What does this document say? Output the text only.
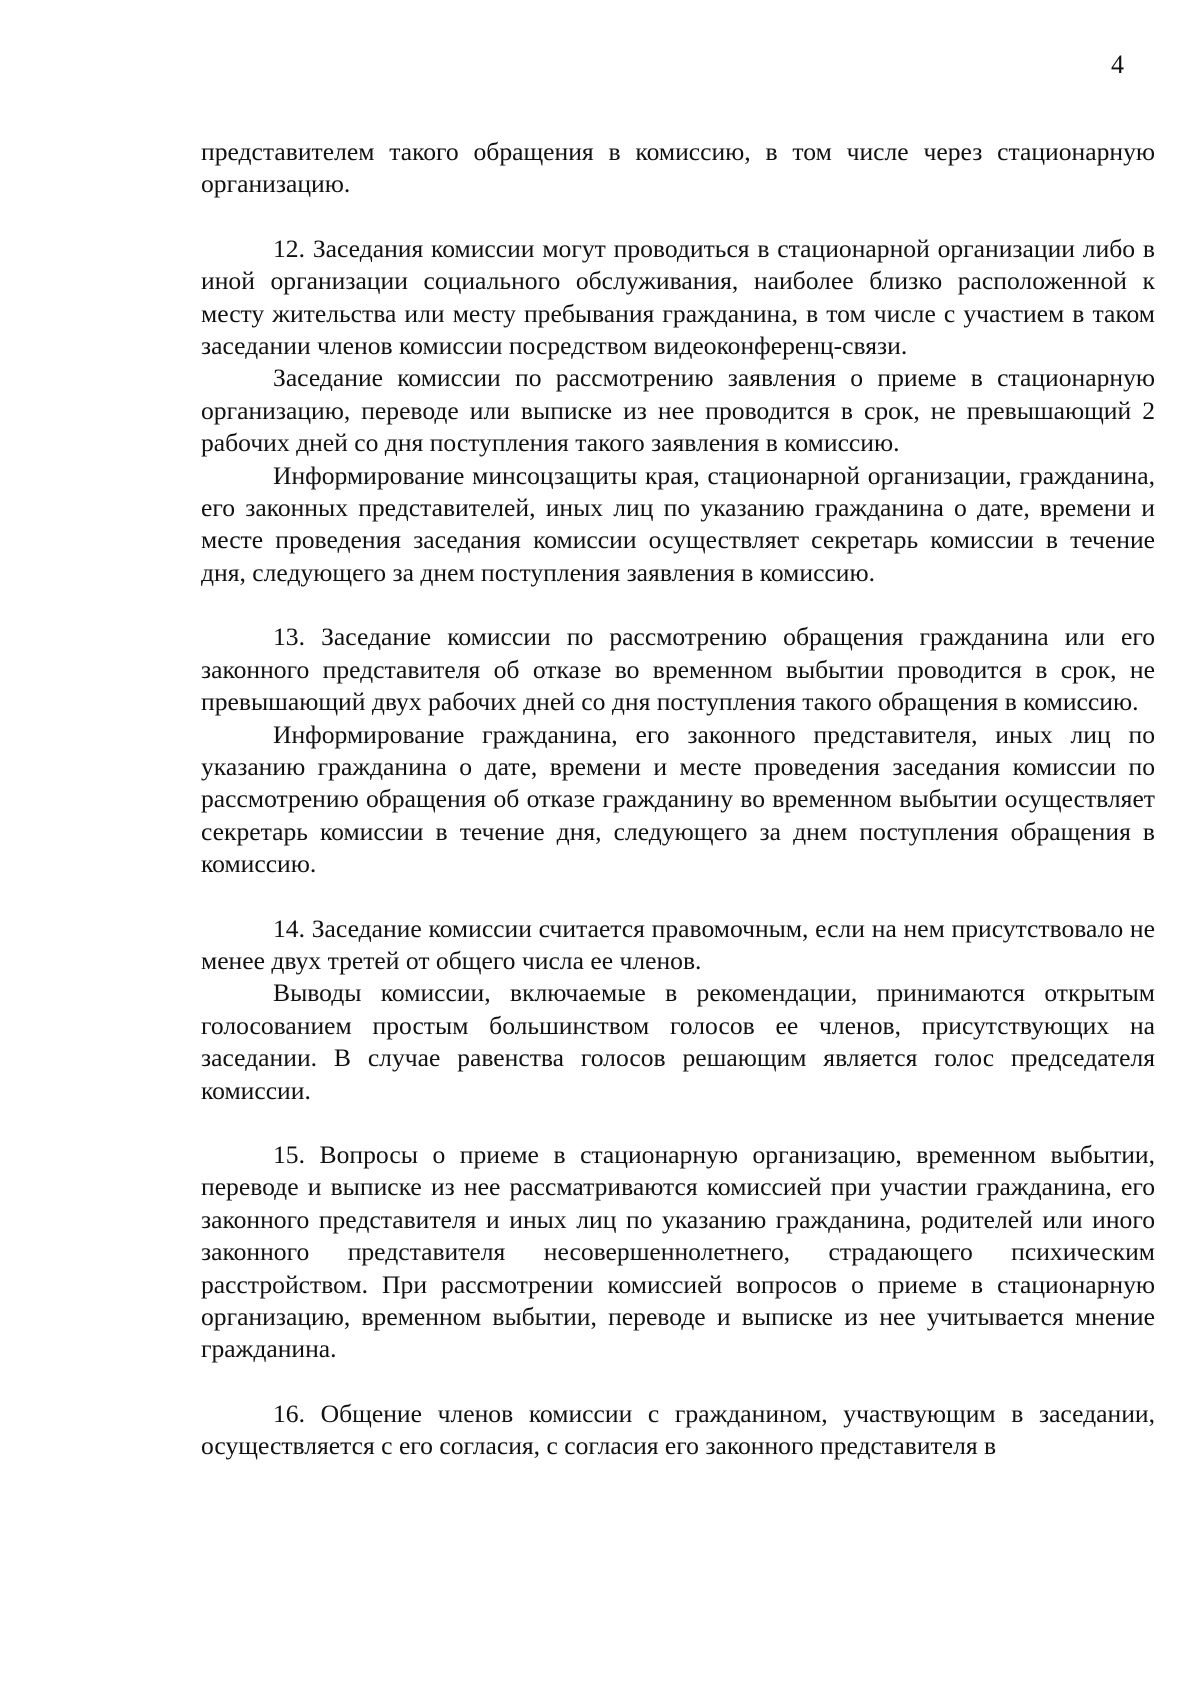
4

представителем такого обращения в комиссию, в том числе через стационарную организацию.

12. Заседания комиссии могут проводиться в стационарной организации либо в иной организации социального обслуживания, наиболее близко расположенной к месту жительства или месту пребывания гражданина, в том числе с участием в таком заседании членов комиссии посредством видеоконференц-связи.

Заседание комиссии по рассмотрению заявления о приеме в стационарную организацию, переводе или выписке из нее проводится в срок, не превышающий 2 рабочих дней со дня поступления такого заявления в комиссию.

Информирование минсоцзащиты края, стационарной организации, гражданина, его законных представителей, иных лиц по указанию гражданина о дате, времени и месте проведения заседания комиссии осуществляет секретарь комиссии в течение дня, следующего за днем поступления заявления в комиссию.

13. Заседание комиссии по рассмотрению обращения гражданина или его законного представителя об отказе во временном выбытии проводится в срок, не превышающий двух рабочих дней со дня поступления такого обращения в комиссию.

Информирование гражданина, его законного представителя, иных лиц по указанию гражданина о дате, времени и месте проведения заседания комиссии по рассмотрению обращения об отказе гражданину во временном выбытии осуществляет секретарь комиссии в течение дня, следующего за днем поступления обращения в комиссию.

14. Заседание комиссии считается правомочным, если на нем присутствовало не менее двух третей от общего числа ее членов.

Выводы комиссии, включаемые в рекомендации, принимаются открытым голосованием простым большинством голосов ее членов, присутствующих на заседании. В случае равенства голосов решающим является голос председателя комиссии.

15. Вопросы о приеме в стационарную организацию, временном выбытии, переводе и выписке из нее рассматриваются комиссией при участии гражданина, его законного представителя и иных лиц по указанию гражданина, родителей или иного законного представителя несовершеннолетнего, страдающего психическим расстройством. При рассмотрении комиссией вопросов о приеме в стационарную организацию, временном выбытии, переводе и выписке из нее учитывается мнение гражданина.

16. Общение членов комиссии с гражданином, участвующим в заседании, осуществляется с его согласия, с согласия его законного представителя в
